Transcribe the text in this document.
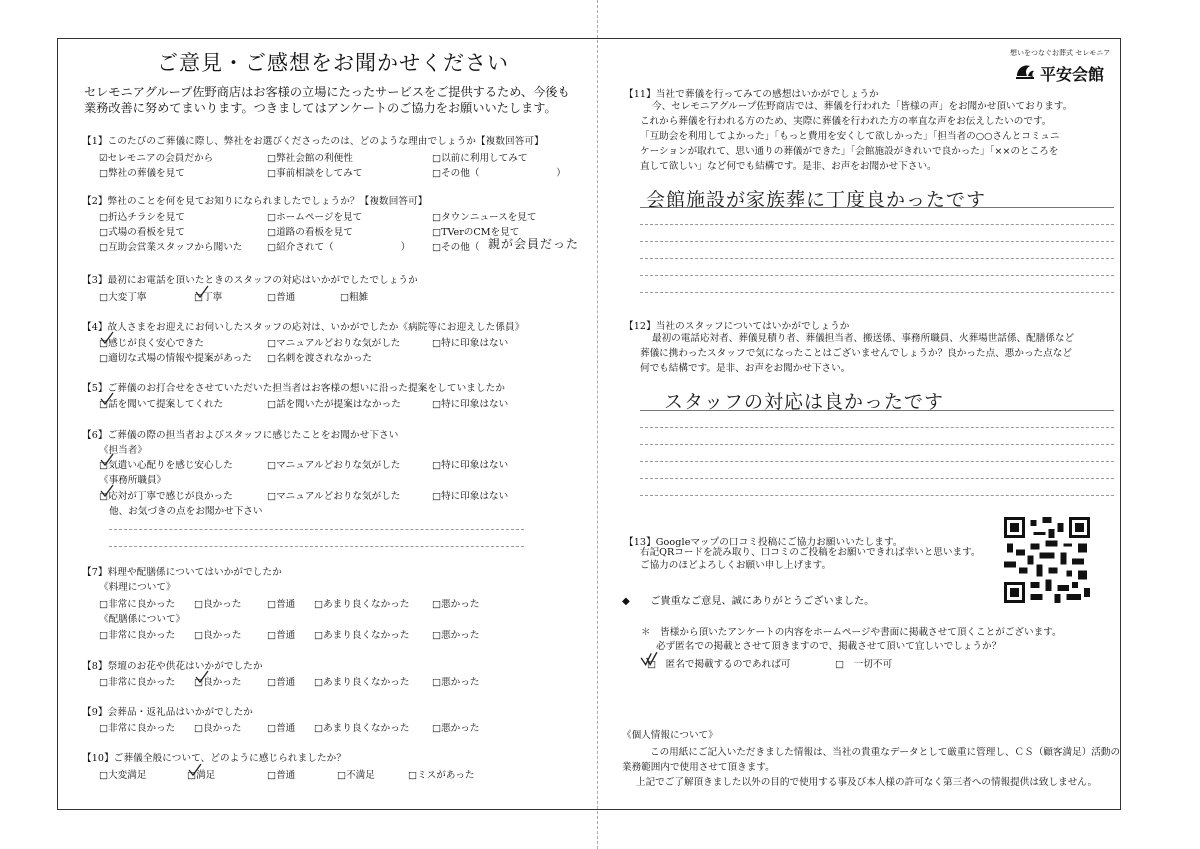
ご意見・ご感想をお聞かせください
セレモニアグループ佐野商店はお客様の立場にたったサービスをご提供するため、今後も
業務改善に努めてまいります。つきましてはアンケートのご協力をお願いいたします。
【1】このたびのご葬儀に際し、弊社をお選びくださったのは、どのような理由でしょうか【複数回答可】
☑セレモニアの会員だから	□弊社会館の利便性	□以前に利用してみて
□弊社の葬儀を見て	□事前相談をしてみて	□その他（　　　　　　　　）
【2】弊社のことを何を見てお知りになられましたでしょうか？【複数回答可】
□折込チラシを見て	□ホームページを見て	□タウンニュースを見て
□式場の看板を見て	□道路の看板を見て	□TVerのCMを見て
□互助会営業スタッフから聞いた	□紹介されて（　　　　　　　） □その他（ 親が会員だった
【3】最初にお電話を頂いたときのスタッフの対応はいかがでしたでしょうか
□大変丁寧	□丁寧	□普通	□粗雑
【4】故人さまをお迎えにお伺いしたスタッフの応対は、いかがでしたか《病院等にお迎えした係員》
□感じが良く安心できた	□マニュアルどおりな気がした	□特に印象はない
□適切な式場の情報や提案があった □名刺を渡されなかった
【5】ご葬儀のお打合せをさせていただいた担当者はお客様の想いに沿った提案をしていましたか
□話を聞いて提案してくれた	□話を聞いたが提案はなかった	□特に印象はない
【6】ご葬儀の際の担当者およびスタッフに感じたことをお聞かせ下さい
《担当者》
□気遣い心配りを感じ安心した	□マニュアルどおりな気がした	□特に印象はない
《事務所職員》
□応対が丁寧で感じが良かった	□マニュアルどおりな気がした	□特に印象はない
他、お気づきの点をお聞かせ下さい
【7】料理や配膳係についてはいかがでしたか
《料理について》
□非常に良かった □良かった	□普通 □あまり良くなかった □悪かった
《配膳係について》
□非常に良かった □良かった	□普通 □あまり良くなかった □悪かった
【8】祭壇のお花や供花はいかがでしたか
□非常に良かった □良かった	□普通 □あまり良くなかった □悪かった
【9】会葬品・返礼品はいかがでしたか
□非常に良かった □良かった	□普通 □あまり良くなかった □悪かった
【10】ご葬儀全般について、どのように感じられましたか？
□大変満足	□満足	□普通	□不満足	□ミスがあった
想いをつなぐお葬式 セレモニア
平安会館
【11】当社で葬儀を行ってみての感想はいかがでしょうか
今、セレモニアグループ佐野商店では、葬儀を行われた「皆様の声」をお聞かせ頂いております。
これから葬儀を行われる方のため、実際に葬儀を行われた方の率直な声をお伝えしたいのです。
「互助会を利用してよかった」「もっと費用を安くして欲しかった」「担当者の○○さんとコミュニ
ケーションが取れて、思い通りの葬儀ができた」「会館施設がきれいで良かった」「××のところを
直して欲しい」など何でも結構です。是非、お声をお聞かせ下さい。
会館施設が家族葬に丁度良かったです
【12】当社のスタッフについてはいかがでしょうか
最初の電話応対者、葬儀見積り者、葬儀担当者、搬送係、事務所職員、火葬場世話係、配膳係など
葬儀に携わったスタッフで気になったことはございませんでしょうか？良かった点、悪かった点など
何でも結構です。是非、お声をお聞かせ下さい。
スタッフの対応は良かったです
【13】Googleマップの口コミ投稿にご協力お願いいたします。
右記QRコードを読み取り、口コミのご投稿をお願いできれば幸いと思います。
ご協力のほどよろしくお願い申し上げます。
◆　　ご貴重なご意見、誠にありがとうございました。
＊　皆様から頂いたアンケートの内容をホームページや書面に掲載させて頂くことがございます。
必ず匿名での掲載とさせて頂きますので、掲載させて頂いて宜しいでしょうか？
□　匿名で掲載するのであれば可	□　一切不可
《個人情報について》
この用紙にご記入いただきました情報は、当社の貴重なデータとして厳重に管理し、ＣＳ（顧客満足）活動の
業務範囲内で使用させて頂きます。
上記でご了解頂きました以外の目的で使用する事及び本人様の許可なく第三者への情報提供は致しません。
